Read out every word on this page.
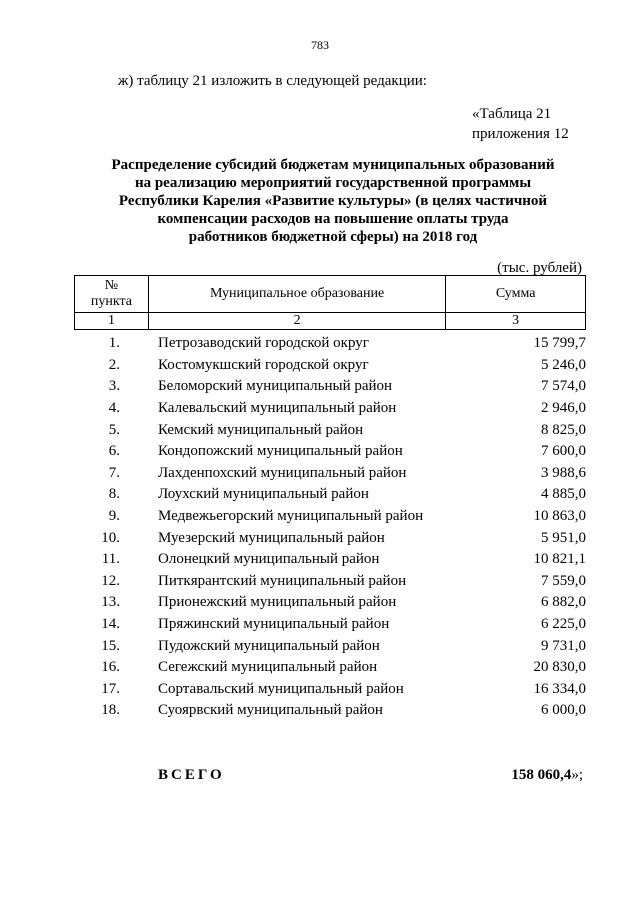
783
ж) таблицу 21 изложить в следующей редакции:
«Таблица 21
приложения 12
Распределение субсидий бюджетам муниципальных образований
на реализацию мероприятий государственной программы
Республики Карелия «Развитие культуры» (в целях частичной
компенсации расходов на повышение оплаты труда
работников бюджетной сферы) на 2018 год
(тыс. рублей)
№
пункта	Муниципальное образование	Сумма
1	2	3
1.	Петрозаводский городской округ	15 799,7
2.	Костомукшский городской округ	5 246,0
3.	Беломорский муниципальный район	7 574,0
4.	Калевальский муниципальный район	2 946,0
5.	Кемский муниципальный район	8 825,0
6.	Кондопожский муниципальный район	7 600,0
7.	Лахденпохский муниципальный район	3 988,6
8.	Лоухский муниципальный район	4 885,0
9.	Медвежьегорский муниципальный район	10 863,0
10.	Муезерский муниципальный район	5 951,0
11.	Олонецкий муниципальный район	10 821,1
12.	Питкярантский муниципальный район	7 559,0
13.	Прионежский муниципальный район	6 882,0
14.	Пряжинский муниципальный район	6 225,0
15.	Пудожский муниципальный район	9 731,0
16.	Сегежский муниципальный район	20 830,0
17.	Сортавальский муниципальный район	16 334,0
18.	Суоярвский муниципальный район	6 000,0
ВСЕГО	158 060,4»;
